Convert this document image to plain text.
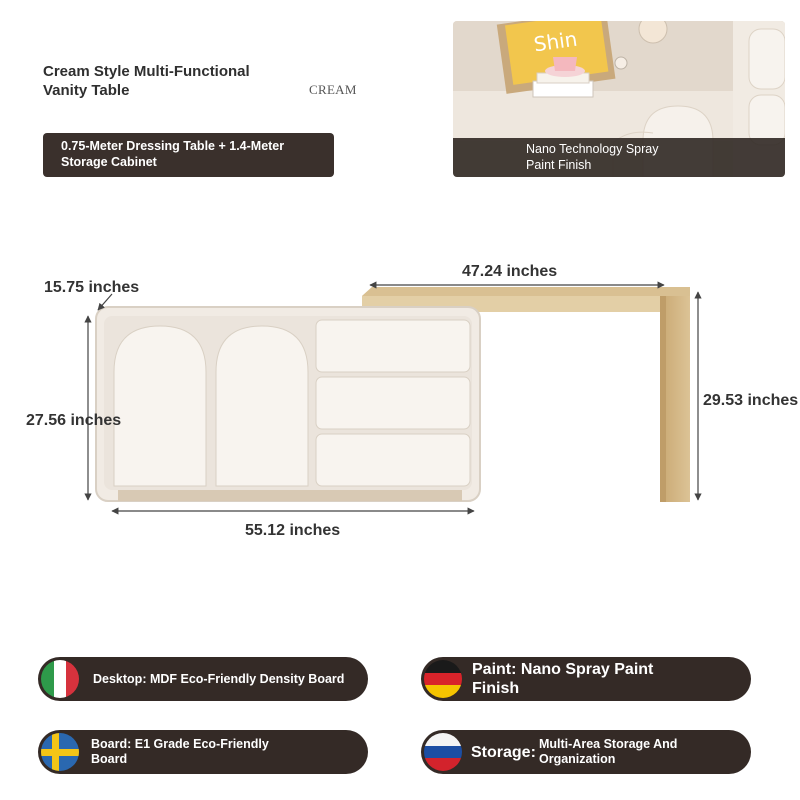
Cream Style Multi-Functional
Vanity Table	CREAM
0.75-Meter Dressing Table + 1.4-Meter
Storage Cabinet
Shin
Nano Technology Spray
Paint Finish
15.75 inches
47.24 inches
27.56 inches
29.53 inches
55.12 inches
Desktop: MDF Eco-Friendly Density Board
Paint: Nano Spray Paint
Finish
Board: E1 Grade Eco-Friendly
Board	Storage: Multi-Area Storage And
Organization
